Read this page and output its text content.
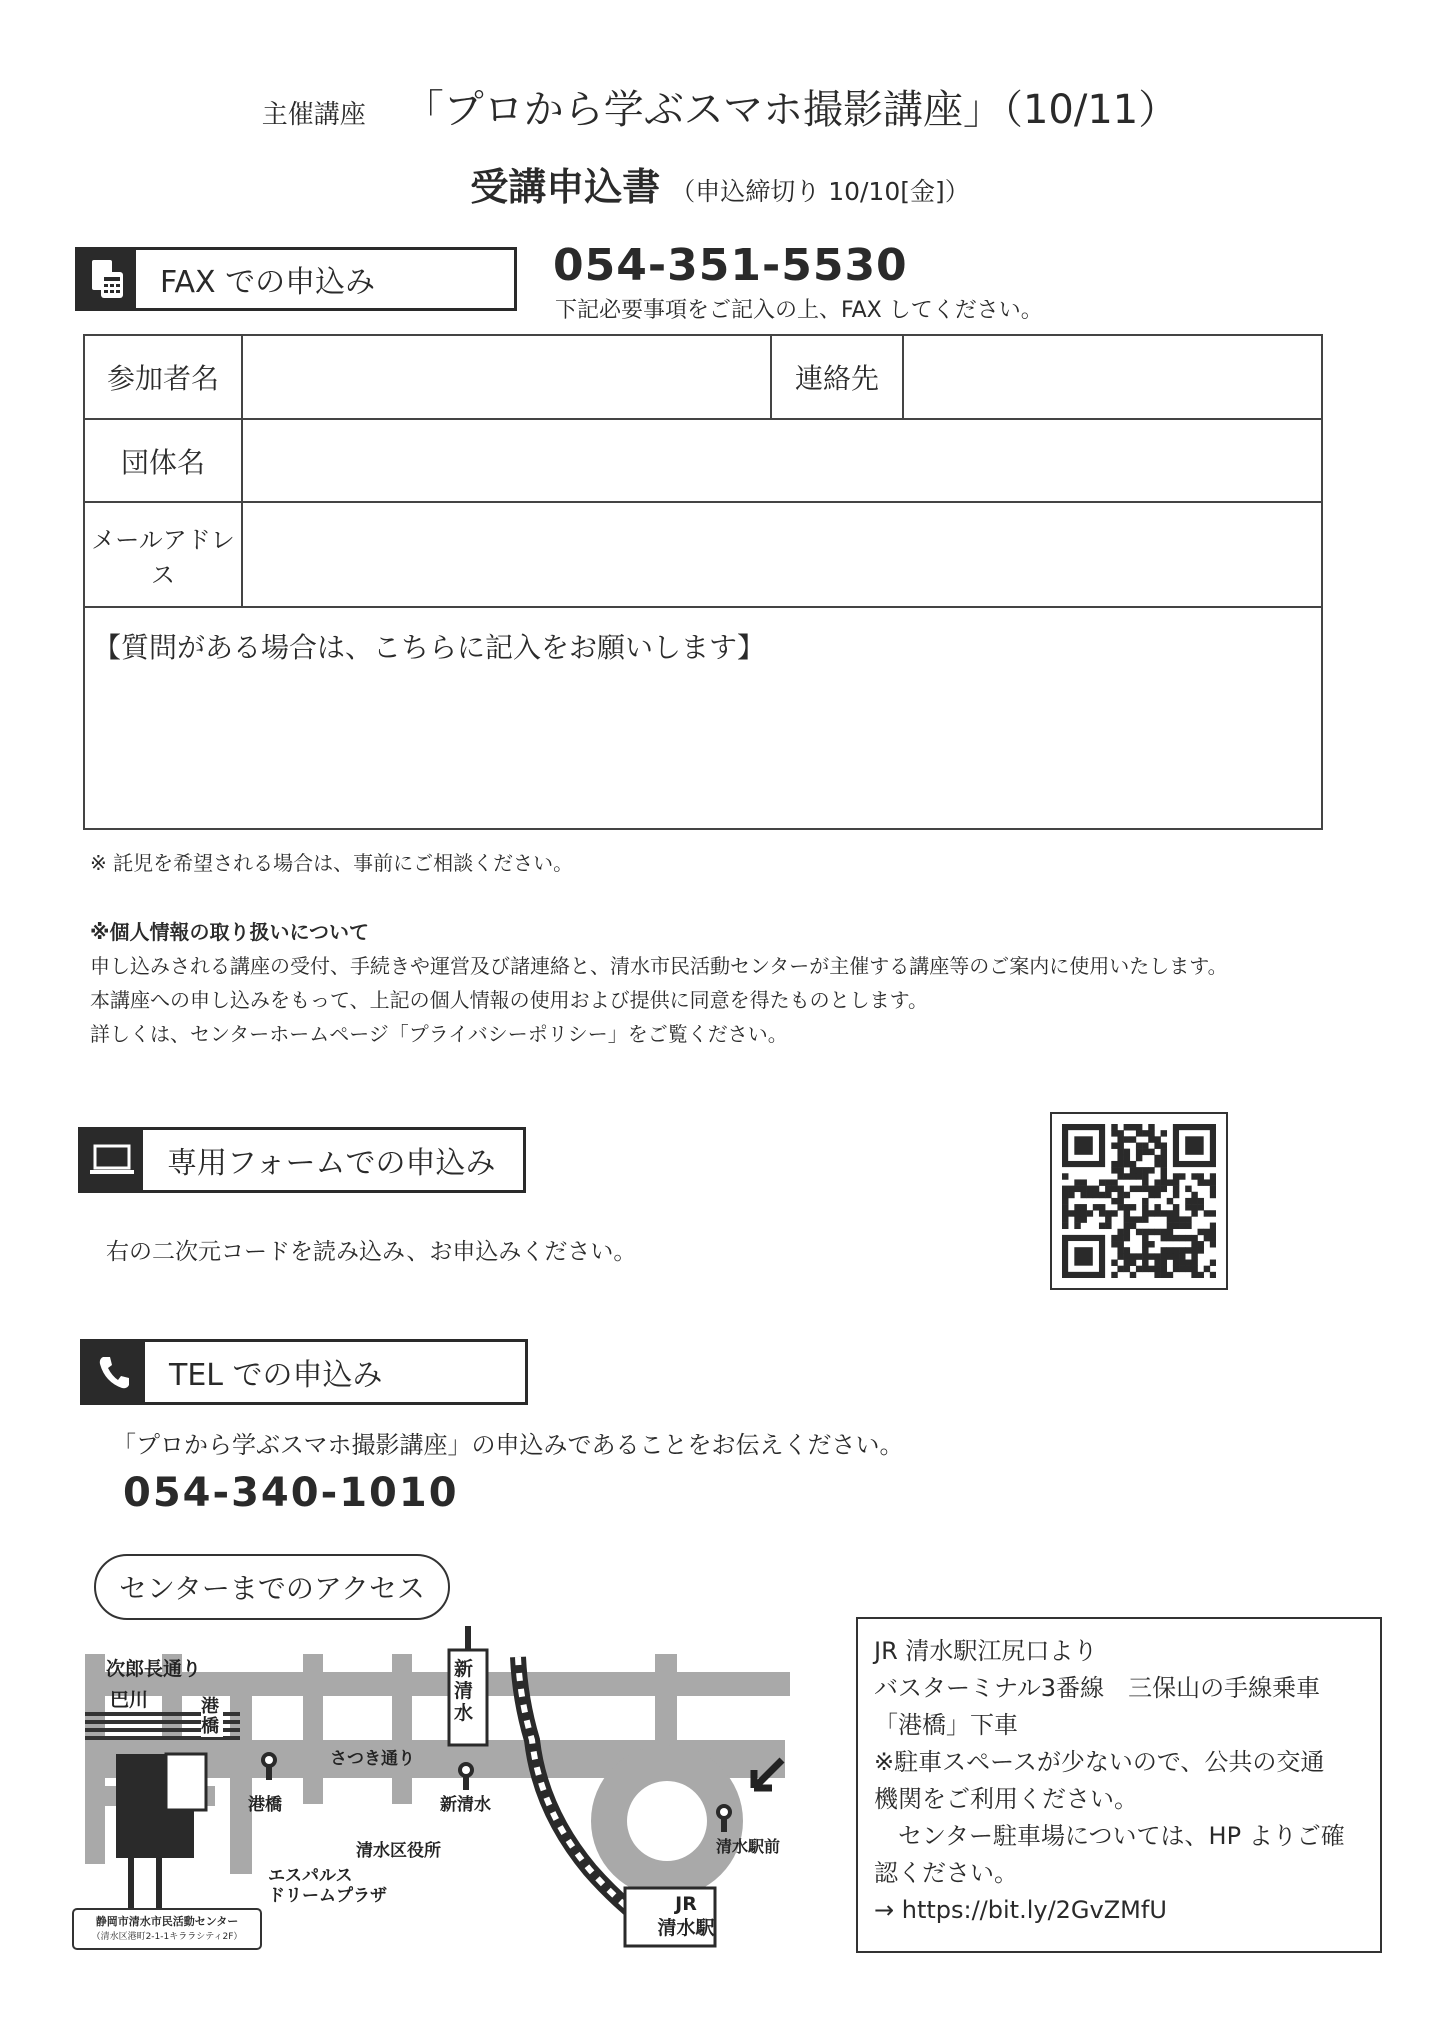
主催講座 「プロから学ぶスマホ撮影講座」（10/11）
受講申込書 （申込締切り 10/10[金]）
FAX での申込み	054-351-5530
下記必要事項をご記入の上、FAX してください。
参加者名		連絡先	
団体名			
メールアドレス			
【質問がある場合は、こちらに記入をお願いします】			
※ 託児を希望される場合は、事前にご相談ください。
※個人情報の取り扱いについて
申し込みされる講座の受付、手続きや運営及び諸連絡と、清水市民活動センターが主催する講座等のご案内に使用いたします。
本講座への申し込みをもって、上記の個人情報の使用および提供に同意を得たものとします。
詳しくは、センターホームページ「プライバシーポリシー」をご覧ください。
専用フォームでの申込み
右の二次元コードを読み込み、お申込みください。
TEL での申込み
「プロから学ぶスマホ撮影講座」の申込みであることをお伝えください。
054-340-1010
センターまでのアクセス
次郎長通り
巴川	港橋
さつき通り
港橋
新清水
新清水
清水区役所
エスパルス
ドリームプラザ	JR
清水駅
清水駅前
静岡市清水市民活動センター
（清水区港町2-1-1キララシティ2F）
JR 清水駅江尻口より
バスターミナル3番線　三保山の手線乗車
「港橋」下車
※駐車スペースが少ないので、公共の交通
機関をご利用ください。
　センター駐車場については、HP よりご確
認ください。
→ https://bit.ly/2GvZMfU
